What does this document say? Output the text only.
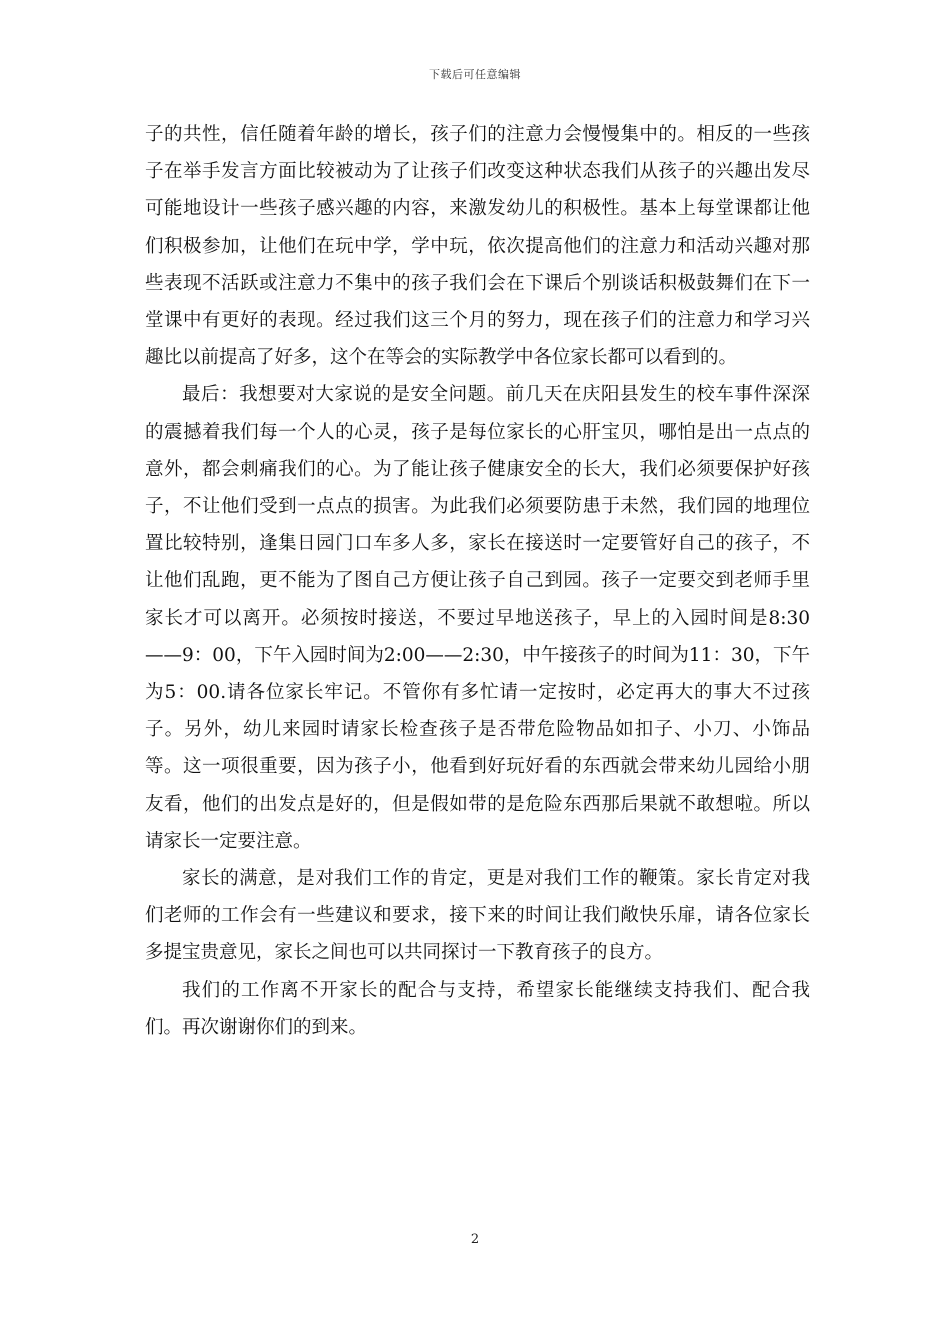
下载后可任意编辑

子的共性，信任随着年龄的增长，孩子们的注意力会慢慢集中的。相反的一些孩子在举手发言方面比较被动为了让孩子们改变这种状态我们从孩子的兴趣出发尽可能地设计一些孩子感兴趣的内容，来激发幼儿的积极性。基本上每堂课都让他们积极参加，让他们在玩中学，学中玩，依次提高他们的注意力和活动兴趣对那些表现不活跃或注意力不集中的孩子我们会在下课后个别谈话积极鼓舞们在下一堂课中有更好的表现。经过我们这三个月的努力，现在孩子们的注意力和学习兴趣比以前提高了好多，这个在等会的实际教学中各位家长都可以看到的。

最后：我想要对大家说的是安全问题。前几天在庆阳县发生的校车事件深深的震撼着我们每一个人的心灵，孩子是每位家长的心肝宝贝，哪怕是出一点点的意外，都会刺痛我们的心。为了能让孩子健康安全的长大，我们必须要保护好孩子，不让他们受到一点点的损害。为此我们必须要防患于未然，我们园的地理位置比较特别，逢集日园门口车多人多，家长在接送时一定要管好自己的孩子，不让他们乱跑，更不能为了图自己方便让孩子自己到园。孩子一定要交到老师手里家长才可以离开。必须按时接送，不要过早地送孩子，早上的入园时间是8:30——9：00，下午入园时间为2:00——2:30，中午接孩子的时间为11：30，下午为5：00.请各位家长牢记。不管你有多忙请一定按时，必定再大的事大不过孩子。另外，幼儿来园时请家长检查孩子是否带危险物品如扣子、小刀、小饰品等。这一项很重要，因为孩子小，他看到好玩好看的东西就会带来幼儿园给小朋友看，他们的出发点是好的，但是假如带的是危险东西那后果就不敢想啦。所以请家长一定要注意。

家长的满意，是对我们工作的肯定，更是对我们工作的鞭策。家长肯定对我们老师的工作会有一些建议和要求，接下来的时间让我们敞快乐扉，请各位家长多提宝贵意见，家长之间也可以共同探讨一下教育孩子的良方。

我们的工作离不开家长的配合与支持，希望家长能继续支持我们、配合我们。再次谢谢你们的到来。

2
